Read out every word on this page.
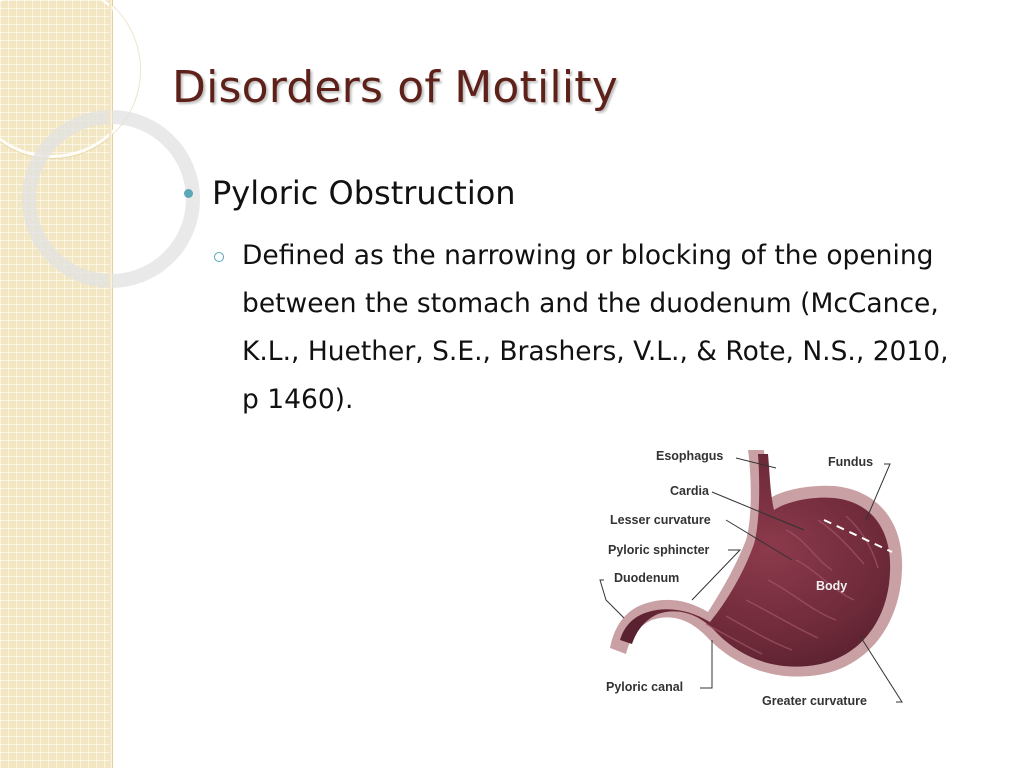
Disorders of Motility
Pyloric Obstruction
Defined as the narrowing or blocking of the opening between the stomach and the duodenum (McCance, K.L., Huether, S.E., Brashers, V.L., & Rote, N.S., 2010, p 1460).
Esophagus	Fundus
Cardia
Lesser curvature
Pyloric sphincter
Duodenum
Body
Pyloric canal
Greater curvature
